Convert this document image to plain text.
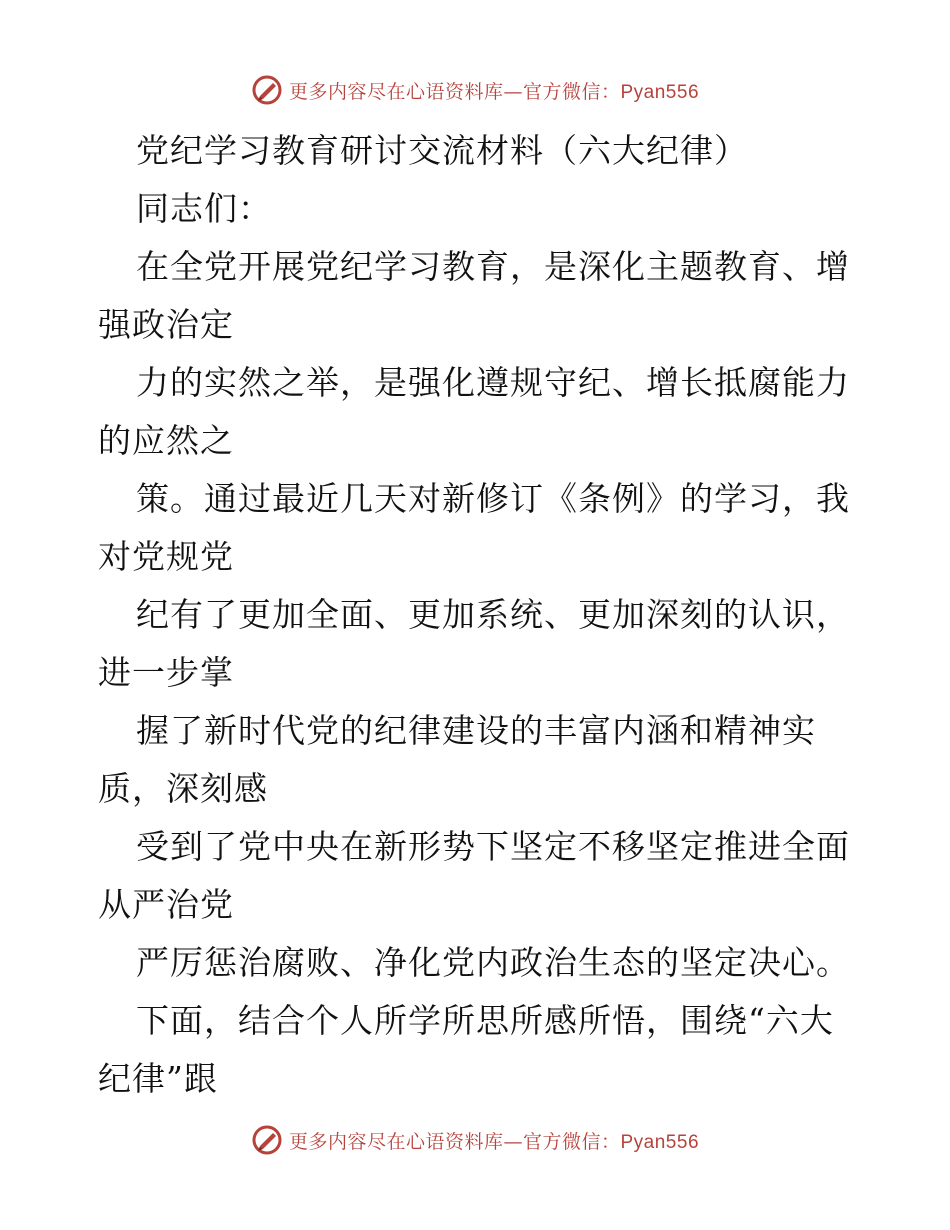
更多内容尽在心语资料库—官方微信：Pyan556
党纪学习教育研讨交流材料（六大纪律）
同志们：
在全党开展党纪学习教育，是深化主题教育、增
强政治定
力的实然之举，是强化遵规守纪、增长抵腐能力
的应然之
策。通过最近几天对新修订《条例》的学习，我
对党规党
纪有了更加全面、更加系统、更加深刻的认识，
进一步掌
握了新时代党的纪律建设的丰富内涵和精神实
质，深刻感
受到了党中央在新形势下坚定不移坚定推进全面
从严治党
严厉惩治腐败、净化党内政治生态的坚定决心。
下面，结合个人所学所思所感所悟，围绕“六大
纪律”跟
更多内容尽在心语资料库—官方微信：Pyan556
